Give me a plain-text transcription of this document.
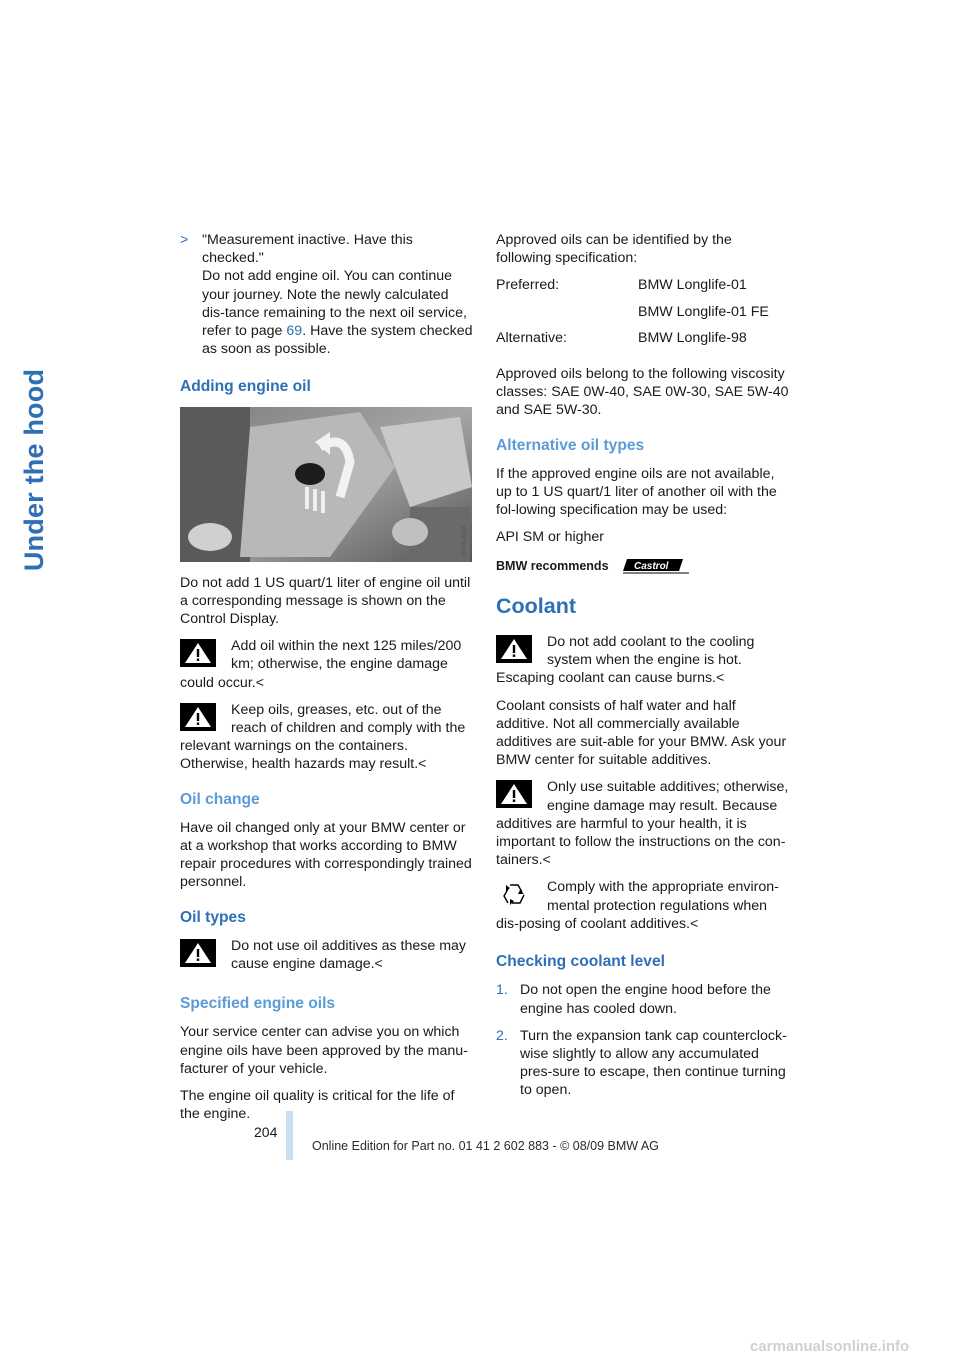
Under the hood
> "Measurement inactive. Have this checked."
Do not add engine oil. You can continue your journey. Note the newly calculated dis-tance remaining to the next oil service, refer to page 69. Have the system checked as soon as possible.
Adding engine oil
MV04-0204

Do not add 1 US quart/1 liter of engine oil until a corresponding message is shown on the Control Display.

Add oil within the next 125 miles/200 km; otherwise, the engine damage could occur.<
Keep oils, greases, etc. out of the reach of children and comply with the relevant warnings on the containers. Otherwise, health hazards may result.<
Oil change

Have oil changed only at your BMW center or at a workshop that works according to BMW repair procedures with correspondingly trained personnel.

Oil types
Do not use oil additives as these may cause engine damage.<
Specified engine oils

Your service center can advise you on which engine oils have been approved by the manu-facturer of your vehicle.

The engine oil quality is critical for the life of the engine.

Approved oils can be identified by the following specification:

Preferred:	BMW Longlife-01
	BMW Longlife-01 FE
Alternative:	BMW Longlife-98

Approved oils belong to the following viscosity classes: SAE 0W-40, SAE 0W-30, SAE 5W-40 and SAE 5W-30.

Alternative oil types

If the approved engine oils are not available, up to 1 US quart/1 liter of another oil with the fol-lowing specification may be used:

API SM or higher

BMW recommends	Castrol
Coolant
Do not add coolant to the cooling system when the engine is hot. Escaping coolant can cause burns.<

Coolant consists of half water and half additive. Not all commercially available additives are suit-able for your BMW. Ask your BMW center for suitable additives.

Only use suitable additives; otherwise, engine damage may result. Because additives are harmful to your health, it is important to follow the instructions on the con-tainers.<
Comply with the appropriate environ-mental protection regulations when dis-posing of coolant additives.<
Checking coolant level
1. Do not open the engine hood before the engine has cooled down.
2. Turn the expansion tank cap counterclock-wise slightly to allow any accumulated pres-sure to escape, then continue turning to open.
204
Online Edition for Part no. 01 41 2 602 883 - © 08/09 BMW AG
carmanualsonline.info
